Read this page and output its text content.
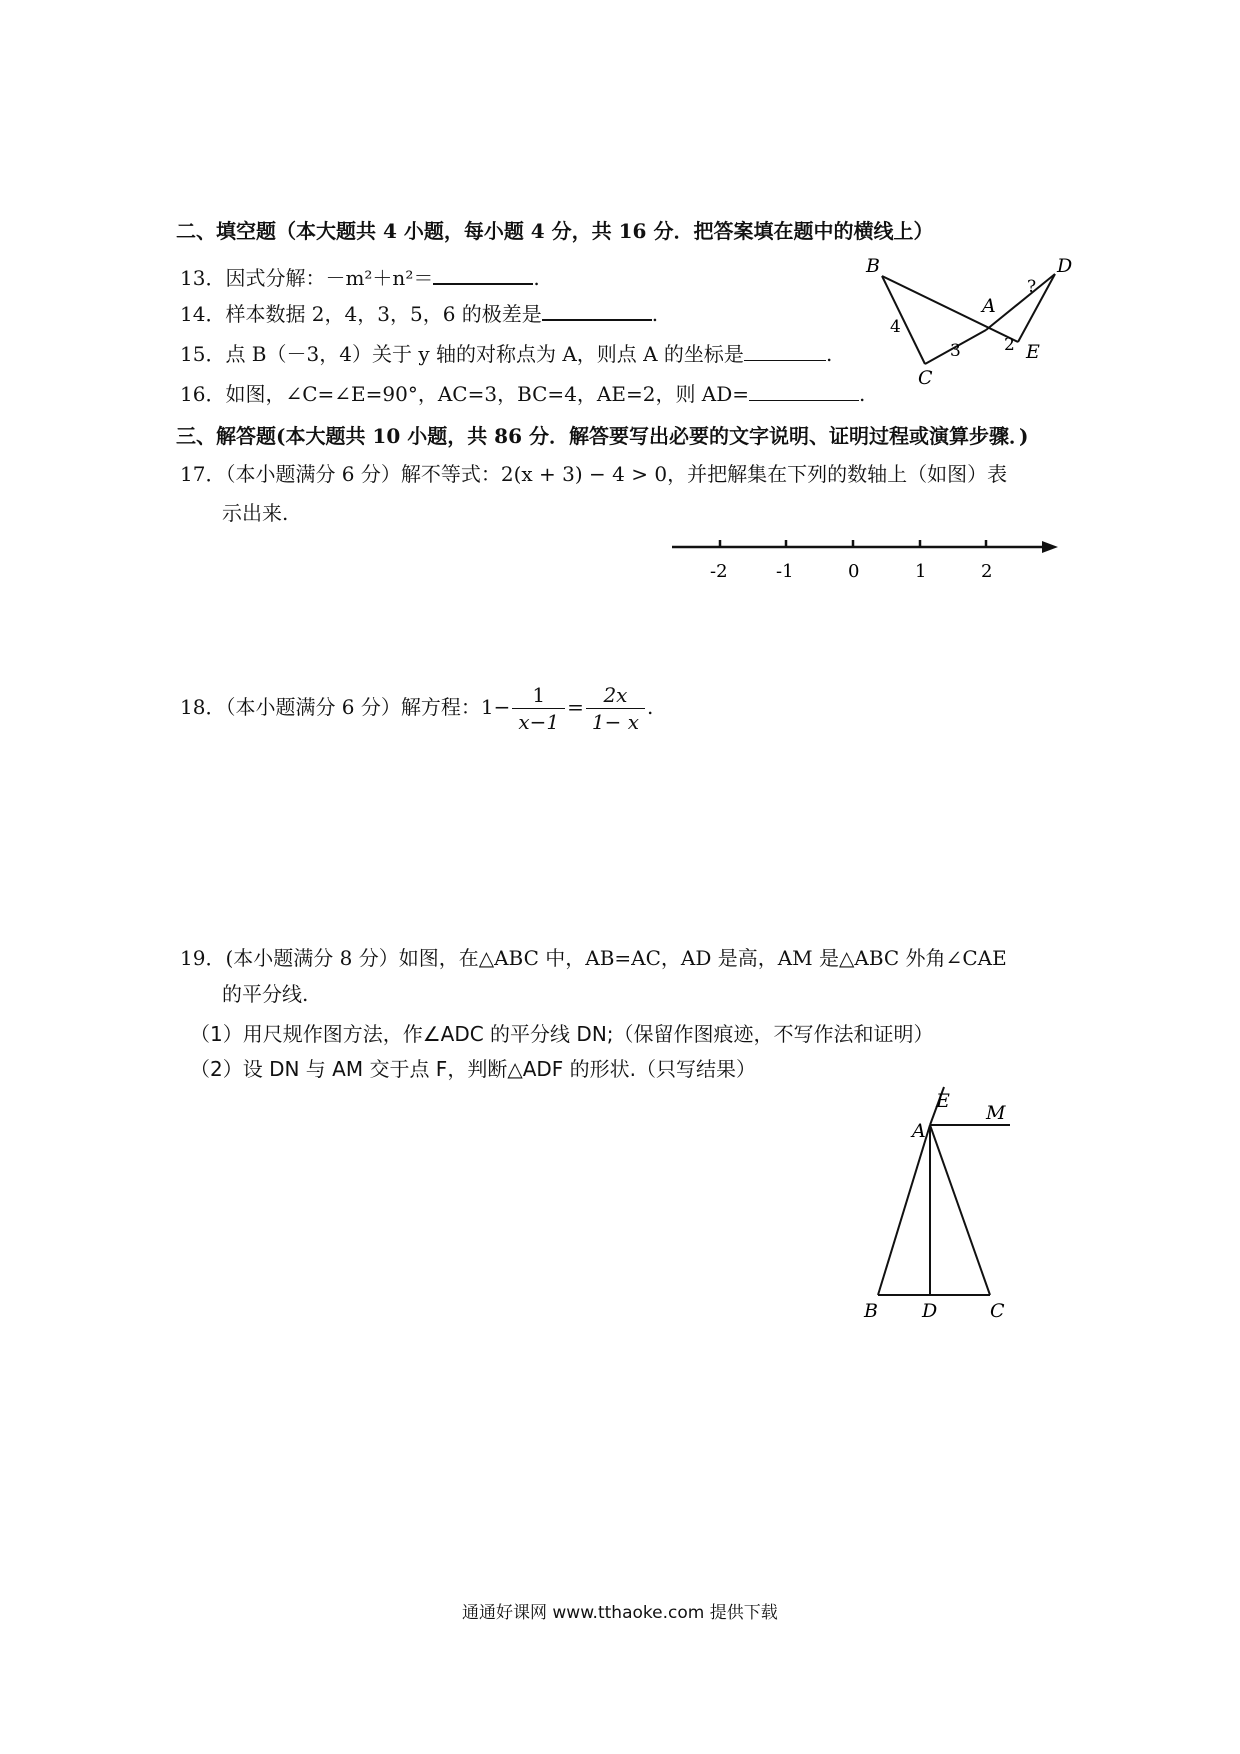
二、填空题（本大题共 4 小题，每小题 4 分，共 16 分．把答案填在题中的横线上）
13．因式分解：－m²＋n²＝	.
14．样本数据 2，4，3，5，6 的极差是	.
15．点 B（－3，4）关于 y 轴的对称点为 A，则点 A 的坐标是	.
16．如图，∠C=∠E=90°，AC=3，BC=4，AE=2，则 AD=	.
B	D
A
C
E
?
4
3	2
三、解答题(本大题共 10 小题，共 86 分．解答要写出必要的文字说明、证明过程或演算步骤．)
17．（本小题满分 6 分）解不等式：2(x + 3) − 4 > 0，并把解集在下列的数轴上（如图）表
示出来.
-2	-1	0	1	2
18．（本小题满分 6 分）解方程：$1- \frac{1}{x-1} = \frac{2x}{1- x}$ .
19．(本小题满分 8 分）如图，在△ABC 中，AB=AC，AD 是高，AM 是△ABC 外角∠CAE
的平分线.
（1）用尺规作图方法，作∠ADC 的平分线 DN;（保留作图痕迹，不写作法和证明）
（2）设 DN 与 AM 交于点 F，判断△ADF 的形状.（只写结果）
E
A
M
B D	C
通通好课网 www.tthaoke.com 提供下载
